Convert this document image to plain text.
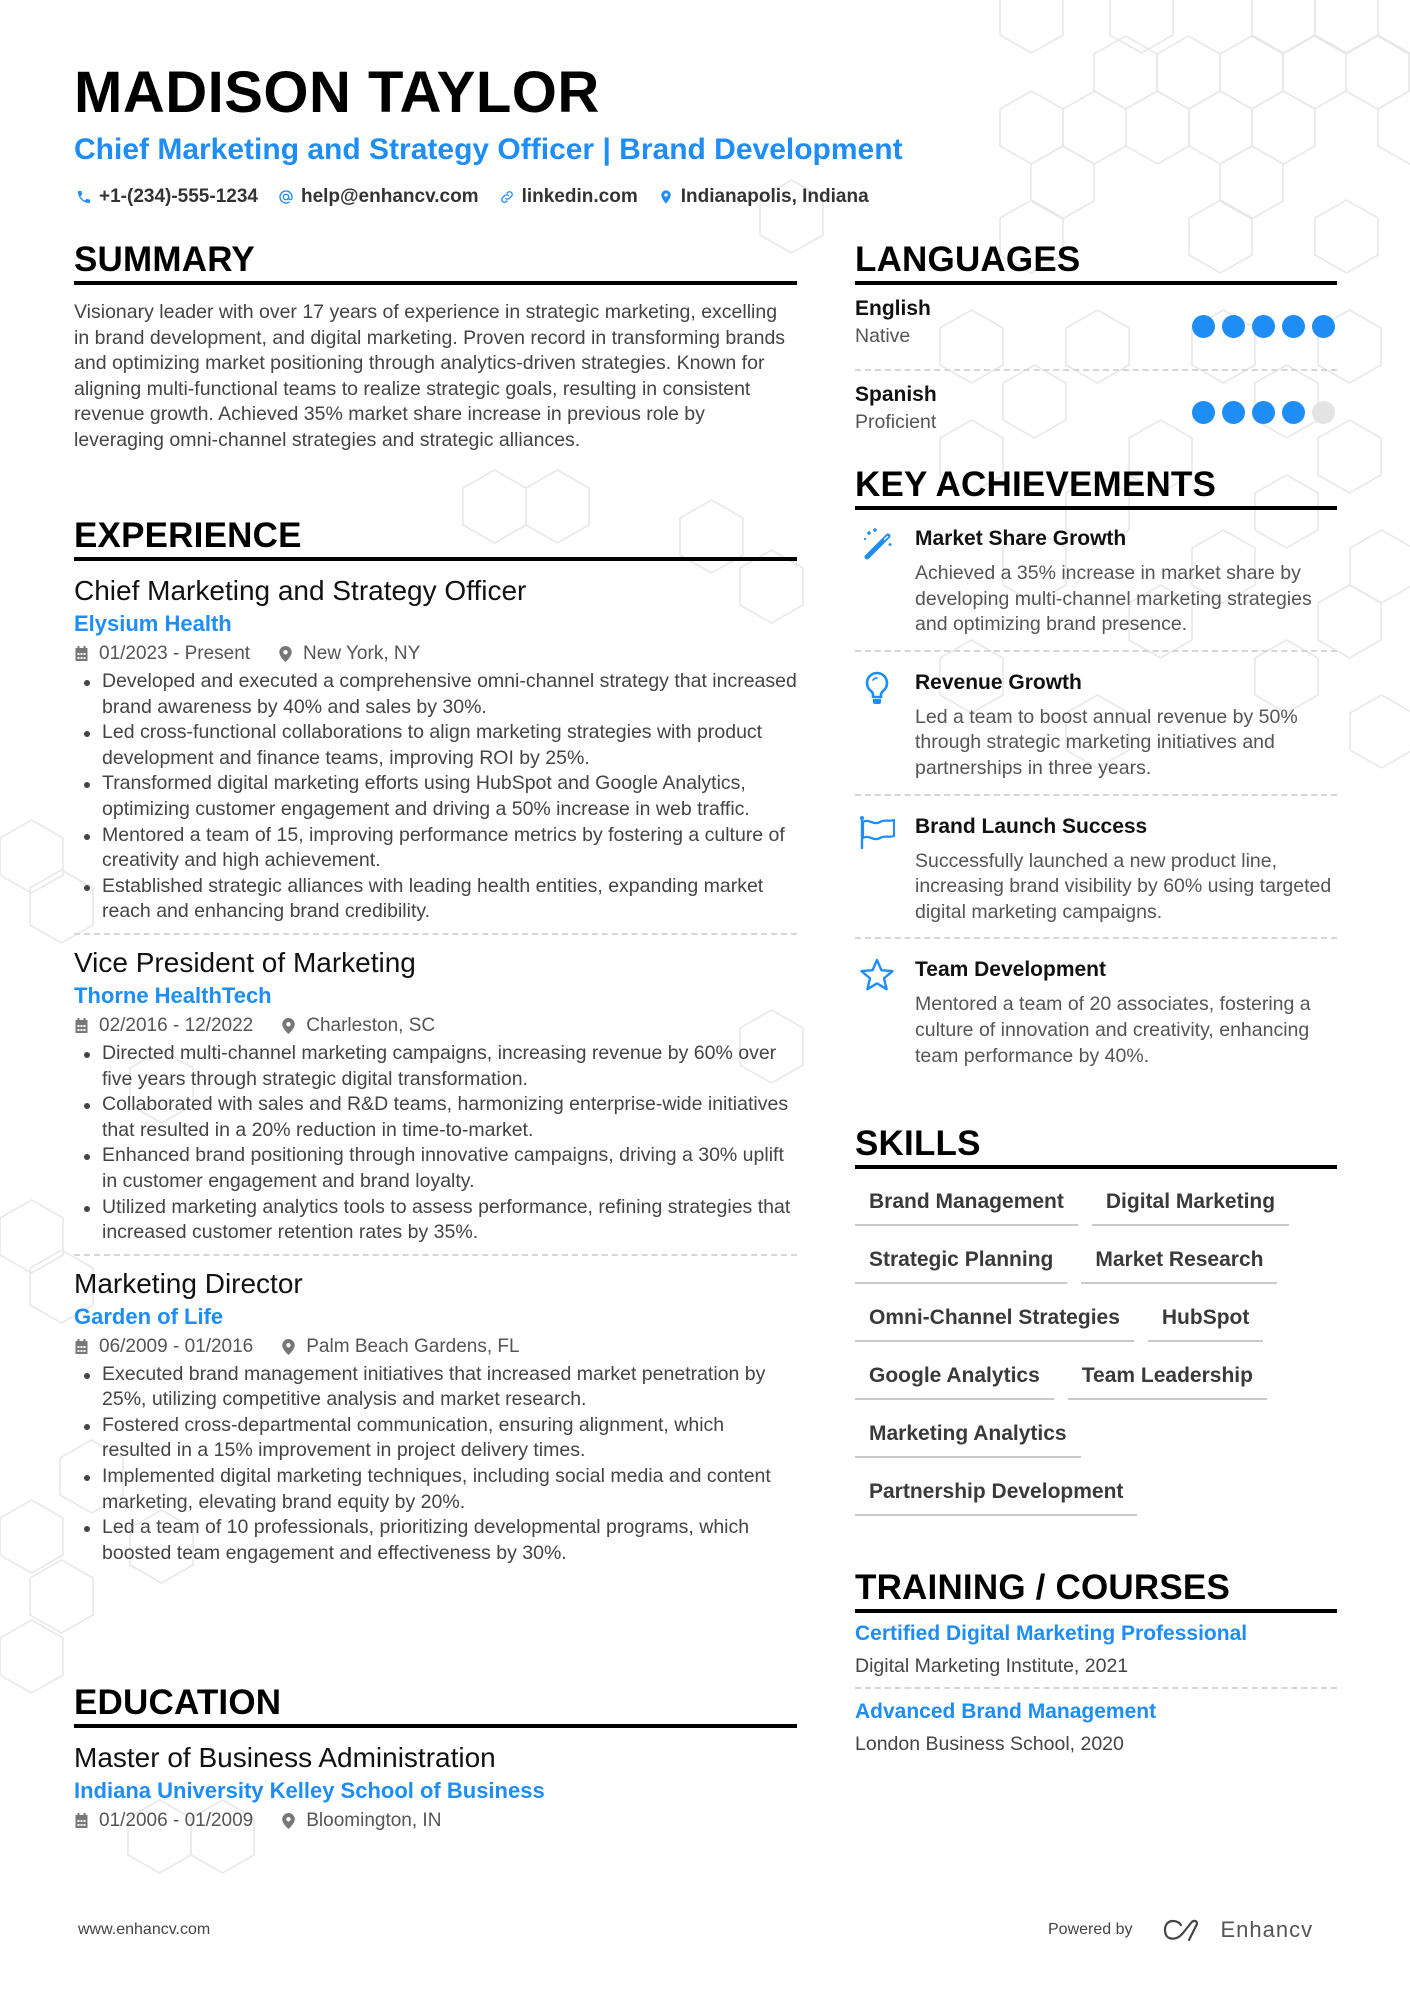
MADISON TAYLOR
Chief Marketing and Strategy Officer | Brand Development
+1-(234)-555-1234 help@enhancv.com linkedin.com Indianapolis, Indiana
SUMMARY
Visionary leader with over 17 years of experience in strategic marketing, excelling in brand development, and digital marketing. Proven record in transforming brands and optimizing market positioning through analytics-driven strategies. Known for aligning multi-functional teams to realize strategic goals, resulting in consistent revenue growth. Achieved 35% market share increase in previous role by leveraging omni-channel strategies and strategic alliances.
EXPERIENCE
Chief Marketing and Strategy Officer
Elysium Health
01/2023 - Present	New York, NY
Developed and executed a comprehensive omni-channel strategy that increased brand awareness by 40% and sales by 30%.
Led cross-functional collaborations to align marketing strategies with product development and finance teams, improving ROI by 25%.
Transformed digital marketing efforts using HubSpot and Google Analytics, optimizing customer engagement and driving a 50% increase in web traffic.
Mentored a team of 15, improving performance metrics by fostering a culture of creativity and high achievement.
Established strategic alliances with leading health entities, expanding market reach and enhancing brand credibility.
Vice President of Marketing
Thorne HealthTech
02/2016 - 12/2022	Charleston, SC
Directed multi-channel marketing campaigns, increasing revenue by 60% over five years through strategic digital transformation.
Collaborated with sales and R&D teams, harmonizing enterprise-wide initiatives that resulted in a 20% reduction in time-to-market.
Enhanced brand positioning through innovative campaigns, driving a 30% uplift in customer engagement and brand loyalty.
Utilized marketing analytics tools to assess performance, refining strategies that increased customer retention rates by 35%.
Marketing Director
Garden of Life
06/2009 - 01/2016	Palm Beach Gardens, FL
Executed brand management initiatives that increased market penetration by 25%, utilizing competitive analysis and market research.
Fostered cross-departmental communication, ensuring alignment, which resulted in a 15% improvement in project delivery times.
Implemented digital marketing techniques, including social media and content marketing, elevating brand equity by 20%.
Led a team of 10 professionals, prioritizing developmental programs, which boosted team engagement and effectiveness by 30%.
EDUCATION
Master of Business Administration
Indiana University Kelley School of Business
01/2006 - 01/2009	Bloomington, IN
LANGUAGES
English
Native
Spanish
Proficient
KEY ACHIEVEMENTS
Market Share Growth
Achieved a 35% increase in market share by developing multi-channel marketing strategies and optimizing brand presence.
Revenue Growth
Led a team to boost annual revenue by 50% through strategic marketing initiatives and partnerships in three years.
Brand Launch Success
Successfully launched a new product line, increasing brand visibility by 60% using targeted digital marketing campaigns.
Team Development
Mentored a team of 20 associates, fostering a culture of innovation and creativity, enhancing team performance by 40%.
SKILLS
Brand Management	Digital Marketing
Strategic Planning	Market Research
Omni-Channel Strategies	HubSpot
Google Analytics	Team Leadership
Marketing Analytics
Partnership Development
TRAINING / COURSES
Certified Digital Marketing Professional
Digital Marketing Institute, 2021
Advanced Brand Management
London Business School, 2020
www.enhancv.com	Powered by	Enhancv
